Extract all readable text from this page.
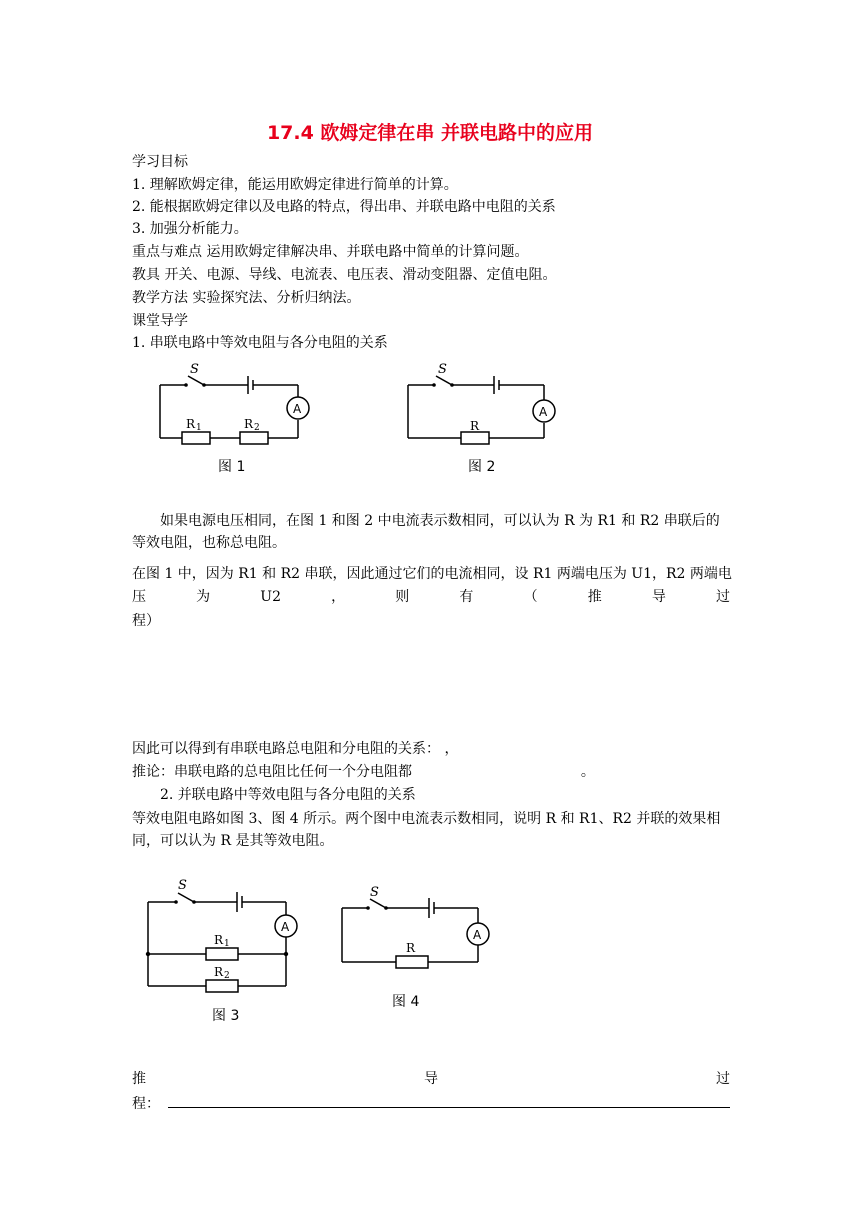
17.4 欧姆定律在串 并联电路中的应用
学习目标
1. 理解欧姆定律，能运用欧姆定律进行简单的计算。
2. 能根据欧姆定律以及电路的特点，得出串、并联电路中电阻的关系
3. 加强分析能力。
重点与难点 运用欧姆定律解决串、并联电路中简单的计算问题。
教具 开关、电源、导线、电流表、电压表、滑动变阻器、定值电阻。
教学方法 实验探究法、分析归纳法。
课堂导学
1. 串联电路中等效电阻与各分电阻的关系
S
A
R 1	R 2
图 1
S
A
R
图 2
如果电源电压相同，在图 1 和图 2 中电流表示数相同，可以认为 R 为 R1 和 R2 串联后的等效电阻，也称总电阻。
在图 1 中，因为 R1 和 R2 串联，因此通过它们的电流相同，设 R1 两端电压为 U1，R2 两端电
压	为	U2	，	则	有	（	推	导	过
程）
因此可以得到有串联电路总电阻和分电阻的关系： ，
推论：串联电路的总电阻比任何一个分电阻都	。
2. 并联电路中等效电阻与各分电阻的关系
等效电阻电路如图 3、图 4 所示。两个图中电流表示数相同，说明 R 和 R1、R2 并联的效果相同，可以认为 R 是其等效电阻。
S
A
R 1
R 2
图 3
S
A
R
图 4
推	导	过
程：
